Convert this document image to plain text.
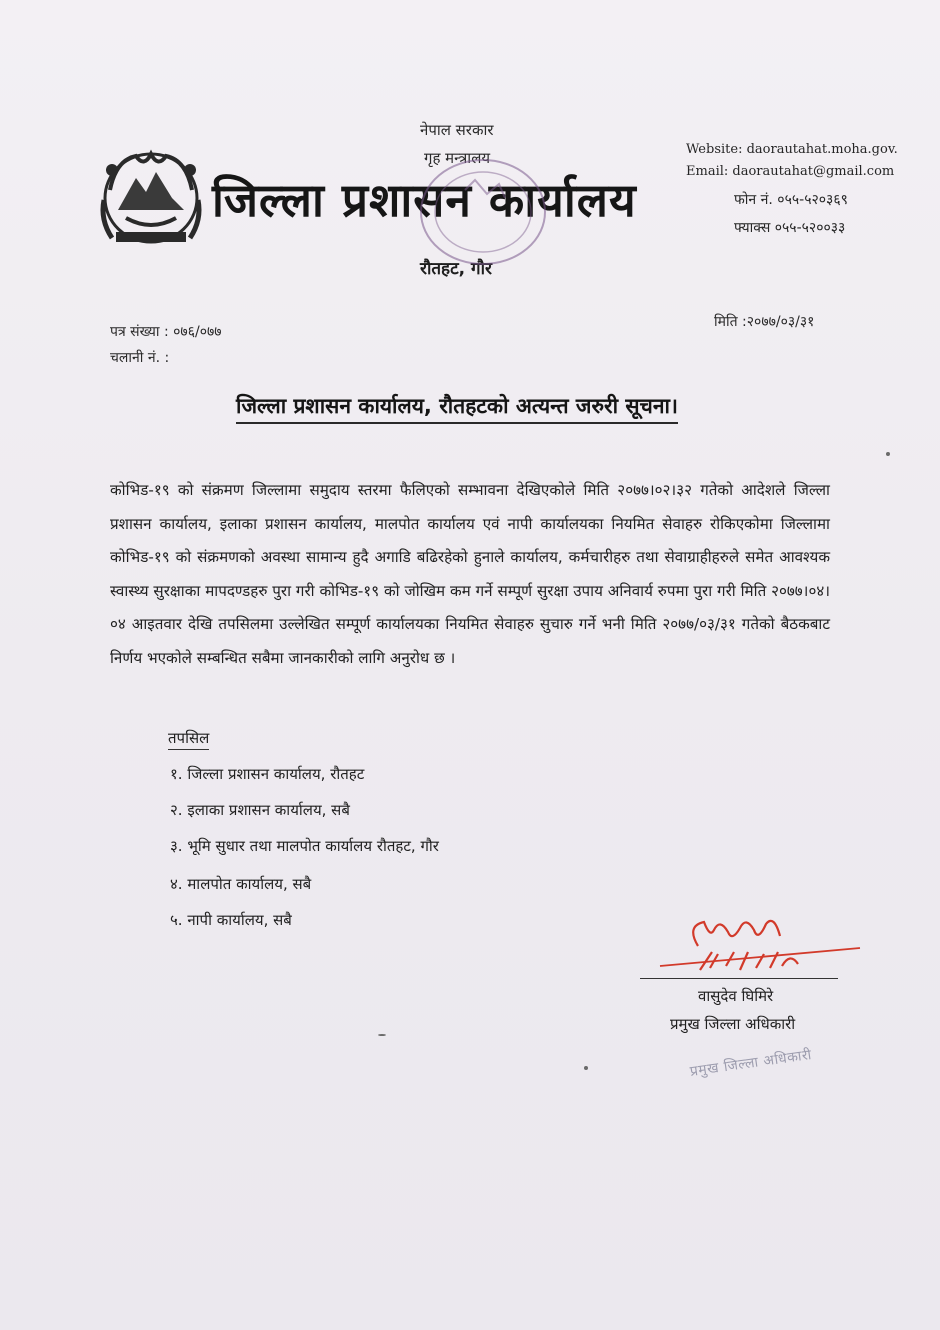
नेपाल सरकार
गृह मन्त्रालय
जिल्ला प्रशासन कार्यालय
रौतहट, गौर
Website: daorautahat.moha.gov.
Email: daorautahat@gmail.com
फोन नं. ०५५-५२०३६९
फ्याक्स ०५५-५२००३३
पत्र संख्या : ०७६/०७७
चलानी नं. :
मिति :२०७७/०३/३१
जिल्ला प्रशासन कार्यालय, रौतहटको अत्यन्त जरुरी सूचना।
कोभिड-१९ को संक्रमण जिल्लामा समुदाय स्तरमा फैलिएको सम्भावना देखिएकोले मिति २०७७।०२।३२ गतेको आदेशले जिल्ला प्रशासन कार्यालय, इलाका प्रशासन कार्यालय, मालपोत कार्यालय एवं नापी कार्यालयका नियमित सेवाहरु रोकिएकोमा जिल्लामा कोभिड-१९ को संक्रमणको अवस्था सामान्य हुदै अगाडि बढिरहेको हुनाले कार्यालय, कर्मचारीहरु तथा सेवाग्राहीहरुले समेत आवश्यक स्वास्थ्य सुरक्षाका मापदण्डहरु पुरा गरी कोभिड-१९ को जोखिम कम गर्ने सम्पूर्ण सुरक्षा उपाय अनिवार्य रुपमा पुरा गरी मिति २०७७।०४।०४ आइतवार देखि तपसिलमा उल्लेखित सम्पूर्ण कार्यालयका नियमित सेवाहरु सुचारु गर्ने भनी मिति २०७७/०३/३१ गतेको बैठकबाट निर्णय भएकोले सम्बन्धित सबैमा जानकारीको लागि अनुरोध छ ।
तपसिल
१. जिल्ला प्रशासन कार्यालय, रौतहट
२. इलाका प्रशासन कार्यालय, सबै
३. भूमि सुधार तथा मालपोत कार्यालय रौतहट, गौर
४. मालपोत कार्यालय, सबै
५. नापी कार्यालय, सबै
वासुदेव घिमिरे
प्रमुख जिल्ला अधिकारी
प्रमुख जिल्ला अधिकारी
